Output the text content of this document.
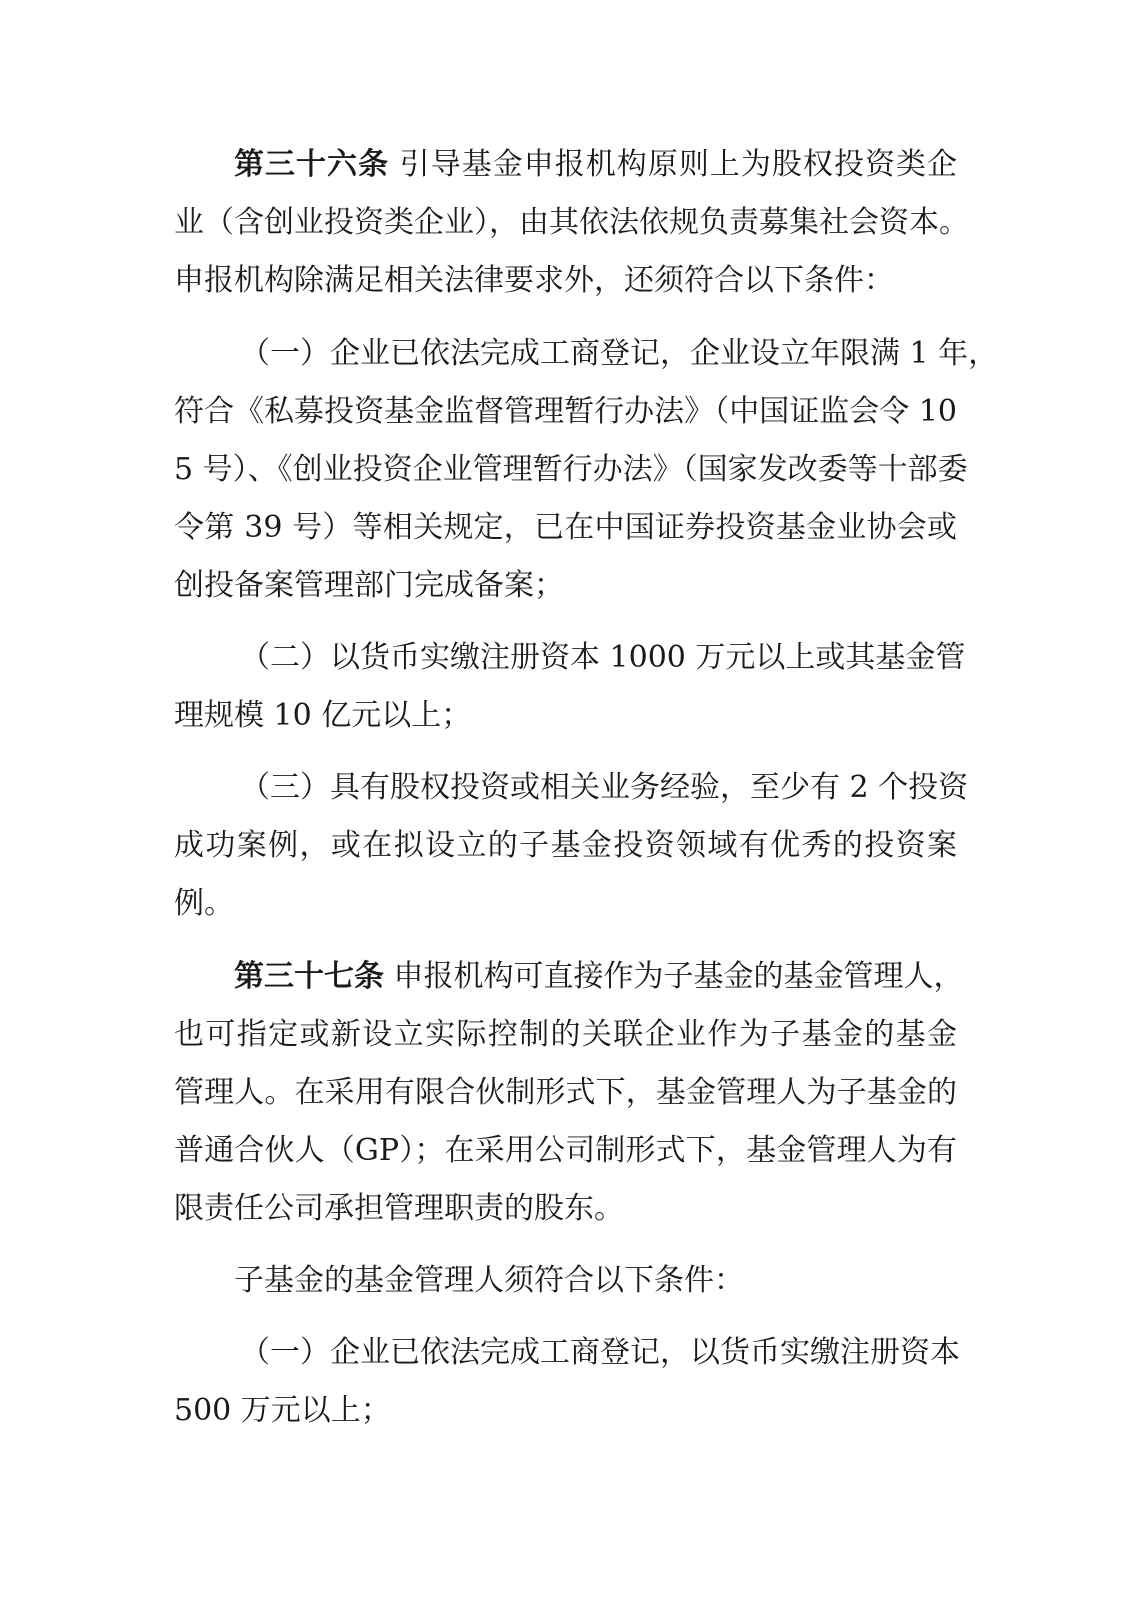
第三十六条 引导基金申报机构原则上为股权投资类企
业（含创业投资类企业），由其依法依规负责募集社会资本。
申报机构除满足相关法律要求外，还须符合以下条件：
（一）企业已依法完成工商登记，企业设立年限满 1 年，
符合《私募投资基金监督管理暂行办法》（中国证监会令 10
5 号）、《创业投资企业管理暂行办法》（国家发改委等十部委
令第 39 号）等相关规定，已在中国证券投资基金业协会或
创投备案管理部门完成备案；
（二）以货币实缴注册资本 1000 万元以上或其基金管
理规模 10 亿元以上；
（三）具有股权投资或相关业务经验，至少有 2 个投资
成功案例，或在拟设立的子基金投资领域有优秀的投资案
例。
第三十七条 申报机构可直接作为子基金的基金管理人，
也可指定或新设立实际控制的关联企业作为子基金的基金
管理人。在采用有限合伙制形式下，基金管理人为子基金的
普通合伙人（GP）；在采用公司制形式下，基金管理人为有
限责任公司承担管理职责的股东。
子基金的基金管理人须符合以下条件：
（一）企业已依法完成工商登记，以货币实缴注册资本
500 万元以上；
